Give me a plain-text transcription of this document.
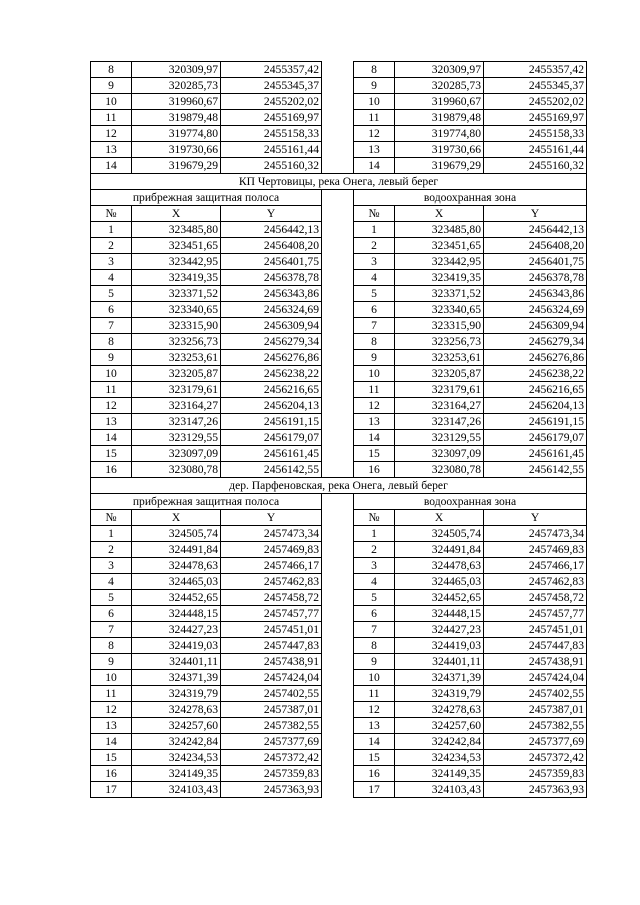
8	320309,97	2455357,42		8	320309,97	2455357,42
9	320285,73	2455345,37		9	320285,73	2455345,37
10	319960,67	2455202,02		10	319960,67	2455202,02
11	319879,48	2455169,97		11	319879,48	2455169,97
12	319774,80	2455158,33		12	319774,80	2455158,33
13	319730,66	2455161,44		13	319730,66	2455161,44
14	319679,29	2455160,32		14	319679,29	2455160,32
КП Чертовицы, река Онега, левый берег						
прибрежная защитная полоса				водоохранная зона		
№	X	Y		№	X	Y
1	323485,80	2456442,13		1	323485,80	2456442,13
2	323451,65	2456408,20		2	323451,65	2456408,20
3	323442,95	2456401,75		3	323442,95	2456401,75
4	323419,35	2456378,78		4	323419,35	2456378,78
5	323371,52	2456343,86		5	323371,52	2456343,86
6	323340,65	2456324,69		6	323340,65	2456324,69
7	323315,90	2456309,94		7	323315,90	2456309,94
8	323256,73	2456279,34		8	323256,73	2456279,34
9	323253,61	2456276,86		9	323253,61	2456276,86
10	323205,87	2456238,22		10	323205,87	2456238,22
11	323179,61	2456216,65		11	323179,61	2456216,65
12	323164,27	2456204,13		12	323164,27	2456204,13
13	323147,26	2456191,15		13	323147,26	2456191,15
14	323129,55	2456179,07		14	323129,55	2456179,07
15	323097,09	2456161,45		15	323097,09	2456161,45
16	323080,78	2456142,55		16	323080,78	2456142,55
дер. Парфеновская, река Онега, левый берег						
прибрежная защитная полоса				водоохранная зона		
№	X	Y		№	X	Y
1	324505,74	2457473,34		1	324505,74	2457473,34
2	324491,84	2457469,83		2	324491,84	2457469,83
3	324478,63	2457466,17		3	324478,63	2457466,17
4	324465,03	2457462,83		4	324465,03	2457462,83
5	324452,65	2457458,72		5	324452,65	2457458,72
6	324448,15	2457457,77		6	324448,15	2457457,77
7	324427,23	2457451,01		7	324427,23	2457451,01
8	324419,03	2457447,83		8	324419,03	2457447,83
9	324401,11	2457438,91		9	324401,11	2457438,91
10	324371,39	2457424,04		10	324371,39	2457424,04
11	324319,79	2457402,55		11	324319,79	2457402,55
12	324278,63	2457387,01		12	324278,63	2457387,01
13	324257,60	2457382,55		13	324257,60	2457382,55
14	324242,84	2457377,69		14	324242,84	2457377,69
15	324234,53	2457372,42		15	324234,53	2457372,42
16	324149,35	2457359,83		16	324149,35	2457359,83
17	324103,43	2457363,93		17	324103,43	2457363,93
